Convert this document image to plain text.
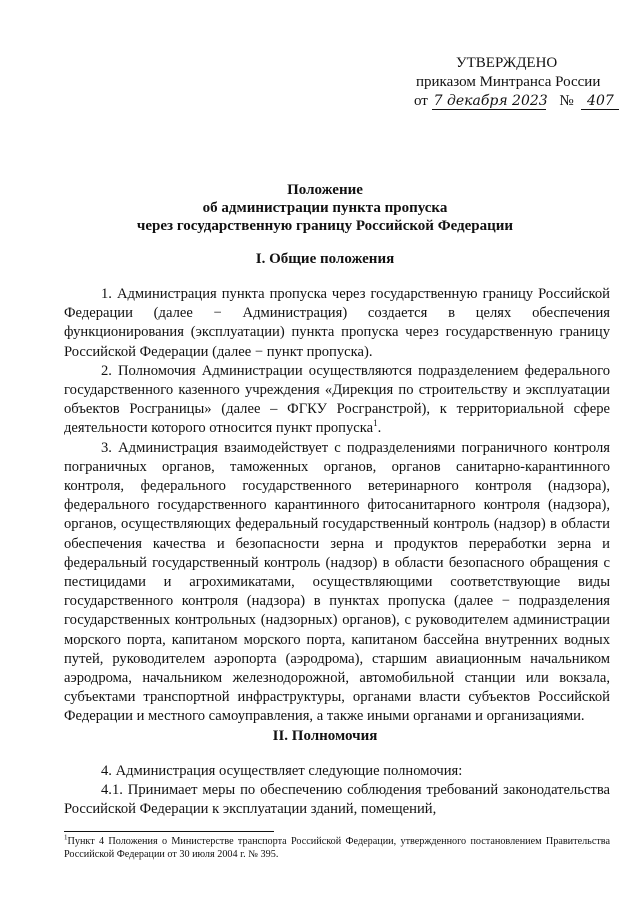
УТВЕРЖДЕНО
приказом Минтранса России
от 7 декабря 2023 № 407
Положение
об администрации пункта пропуска
через государственную границу Российской Федерации
I. Общие положения

1. Администрация пункта пропуска через государственную границу Российской Федерации (далее − Администрация) создается в целях обеспечения функционирования (эксплуатации) пункта пропуска через государственную границу Российской Федерации (далее − пункт пропуска).

2. Полномочия Администрации осуществляются подразделением федерального государственного казенного учреждения «Дирекция по строительству и эксплуатации объектов Росграницы» (далее – ФГКУ Росгранстрой), к территориальной сфере деятельности которого относится пункт пропуска$^1$.

3. Администрация взаимодействует с подразделениями пограничного контроля пограничных органов, таможенных органов, органов санитарно-карантинного контроля, федерального государственного ветеринарного контроля (надзора), федерального государственного карантинного фитосанитарного контроля (надзора), органов, осуществляющих федеральный государственный контроль (надзор) в области обеспечения качества и безопасности зерна и продуктов переработки зерна и федеральный государственный контроль (надзор) в области безопасного обращения с пестицидами и агрохимикатами, осуществляющими соответствующие виды государственного контроля (надзора) в пунктах пропуска (далее − подразделения государственных контрольных (надзорных) органов), с руководителем администрации морского порта, капитаном морского порта, капитаном бассейна внутренних водных путей, руководителем аэропорта (аэродрома), старшим авиационным начальником аэродрома, начальником железнодорожной, автомобильной станции или вокзала, субъектами транспортной инфраструктуры, органами власти субъектов Российской Федерации и местного самоуправления, а также иными органами и организациями.

II. Полномочия

4. Администрация осуществляет следующие полномочия:

4.1. Принимает меры по обеспечению соблюдения требований законодательства Российской Федерации к эксплуатации зданий, помещений,

$^1$Пункт 4 Положения о Министерстве транспорта Российской Федерации, утвержденного постановлением Правительства Российской Федерации от 30 июля 2004 г. № 395.
